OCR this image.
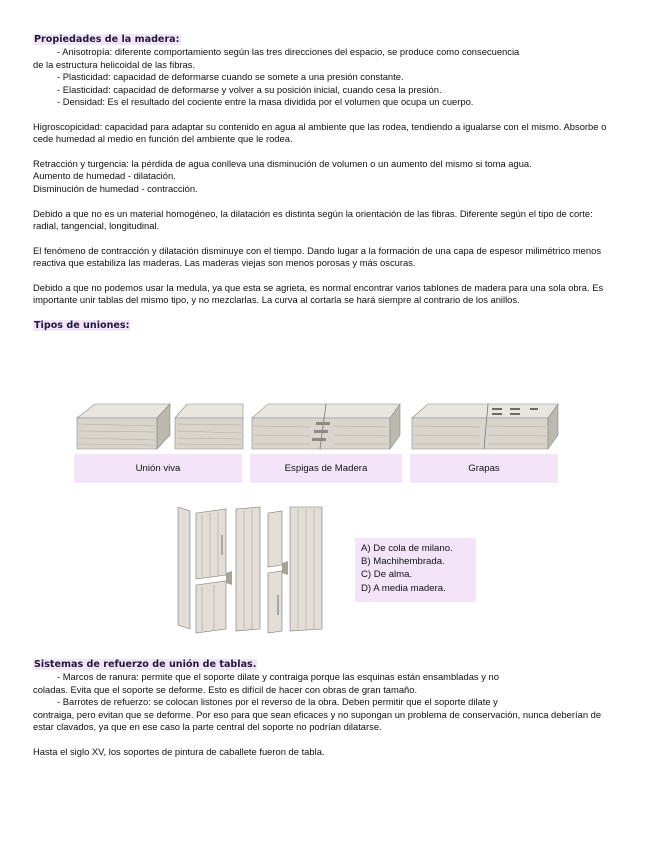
Propiedades de la madera:

- Anisotropía: diferente comportamiento según las tres direcciones del espacio, se produce como consecuencia

de la estructura helicoidal de las fibras.

- Plasticidad: capacidad de deformarse cuando se somete a una presión constante.

- Elasticidad: capacidad de deformarse y volver a su posición inicial, cuando cesa la presión.

- Densidad: Es el resultado del cociente entre la masa dividida por el volumen que ocupa un cuerpo.

Higroscopicidad: capacidad para adaptar su contenido en agua al ambiente que las rodea, tendiendo a igualarse con el mismo. Absorbe o cede humedad al medio en función del ambiente que le rodea.

Retracción y turgencia: la pérdida de agua conlleva una disminución de volumen o un aumento del mismo si toma agua.

Aumento de humedad - dilatación.

Disminución de humedad - contracción.

Debido a que no es un material homogéneo, la dilatación es distinta según la orientación de las fibras. Diferente según el tipo de corte: radial, tangencial, longitudinal.

El fenómeno de contracción y dilatación disminuye con el tiempo. Dando lugar a la formación de una capa de espesor milimétrico menos reactiva que estabiliza las maderas. Las maderas viejas son menos porosas y más oscuras.

Debido a que no podemos usar la medula, ya que esta se agrieta, es normal encontrar varios tablones de madera para una sola obra. Es importante unir tablas del mismo tipo, y no mezclarlas. La curva al cortarla se hará siempre al contrario de los anillos.

Tipos de uniones:
Unión viva	Espigas de Madera	Grapas

A) De cola de milano.

B) Machihembrada.

C) De alma.

D) A media madera.

Sistemas de refuerzo de unión de tablas.

- Marcos de ranura: permite que el soporte dilate y contraiga porque las esquinas están ensambladas y no

coladas. Evita que el soporte se deforme. Esto es difícil de hacer con obras de gran tamaño.

- Barrotes de refuerzo: se colocan listones por el reverso de la obra. Deben permitir que el soporte dilate y

contraiga, pero evitan que se deforme. Por eso para que sean eficaces y no supongan un problema de conservación, nunca deberían de estar clavados, ya que en ese caso la parte central del soporte no podrían dilatarse.

Hasta el siglo XV, los soportes de pintura de caballete fueron de tabla.
